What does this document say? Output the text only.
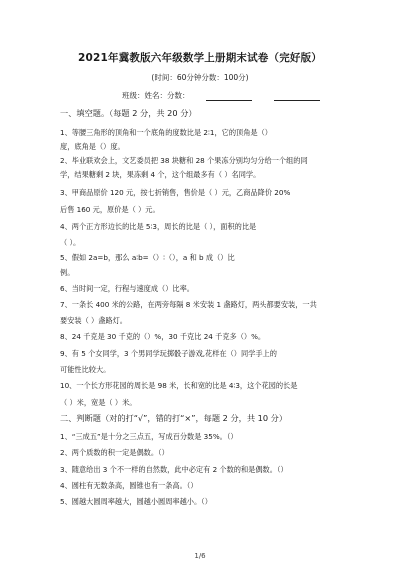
2021年冀教版六年级数学上册期末试卷（完好版）
(时间：60分钟分数：100分)
班级：姓名：分数：
一、填空题。（每题 2 分，共 20 分）
1、等腰三角形的顶角和一个底角的度数比是 2∶1，它的顶角是（）
度，底角是（）度。
2、毕业联欢会上，文艺委员把 38 块糖和 28 个果冻分别均匀分给一个组的同
学，结果糖剩 2 块，果冻剩 4 个，这个组最多有（ ）名同学。
3、甲商品原价 120 元，按七折销售，售价是（ ）元，乙商品降价 20%
后售 160 元，原价是（ ）元。
4、两个正方形边长的比是 5∶3，周长的比是（ ），面积的比是
（ ）。
5、假如 2a=b，那么 a∶b=（）∶（），a 和 b 成（）比
例。
6、当时间一定，行程与速度成（）比率。
7、一条长 400 米的公路，在两旁每隔 8 米安装 1 盏路灯，两头都要安装，一共
要安装（ ）盏路灯。
8、24 千克是 30 千克的（）%，30 千克比 24 千克多（）%。
9、有 5 个女同学，3 个男同学玩掷骰子游戏,花样在（）同学手上的
可能性比较大。
10、一个长方形花园的周长是 98 米，长和宽的比是 4∶3，这个花园的长是
（ ）米，宽是（ ）米。
二、判断题（对的打“√”，错的打“×”，每题 2 分，共 10 分）
1、“三成五”是十分之三点五，写成百分数是 35%。（）
2、两个质数的积一定是偶数。（）
3、随意给出 3 个不一样的自然数，此中必定有 2 个数的和是偶数。（）
4、圆柱有无数条高，圆锥也有一条高。（）
5、圆越大圆周率越大，圆越小圆周率越小。（）
1/6
